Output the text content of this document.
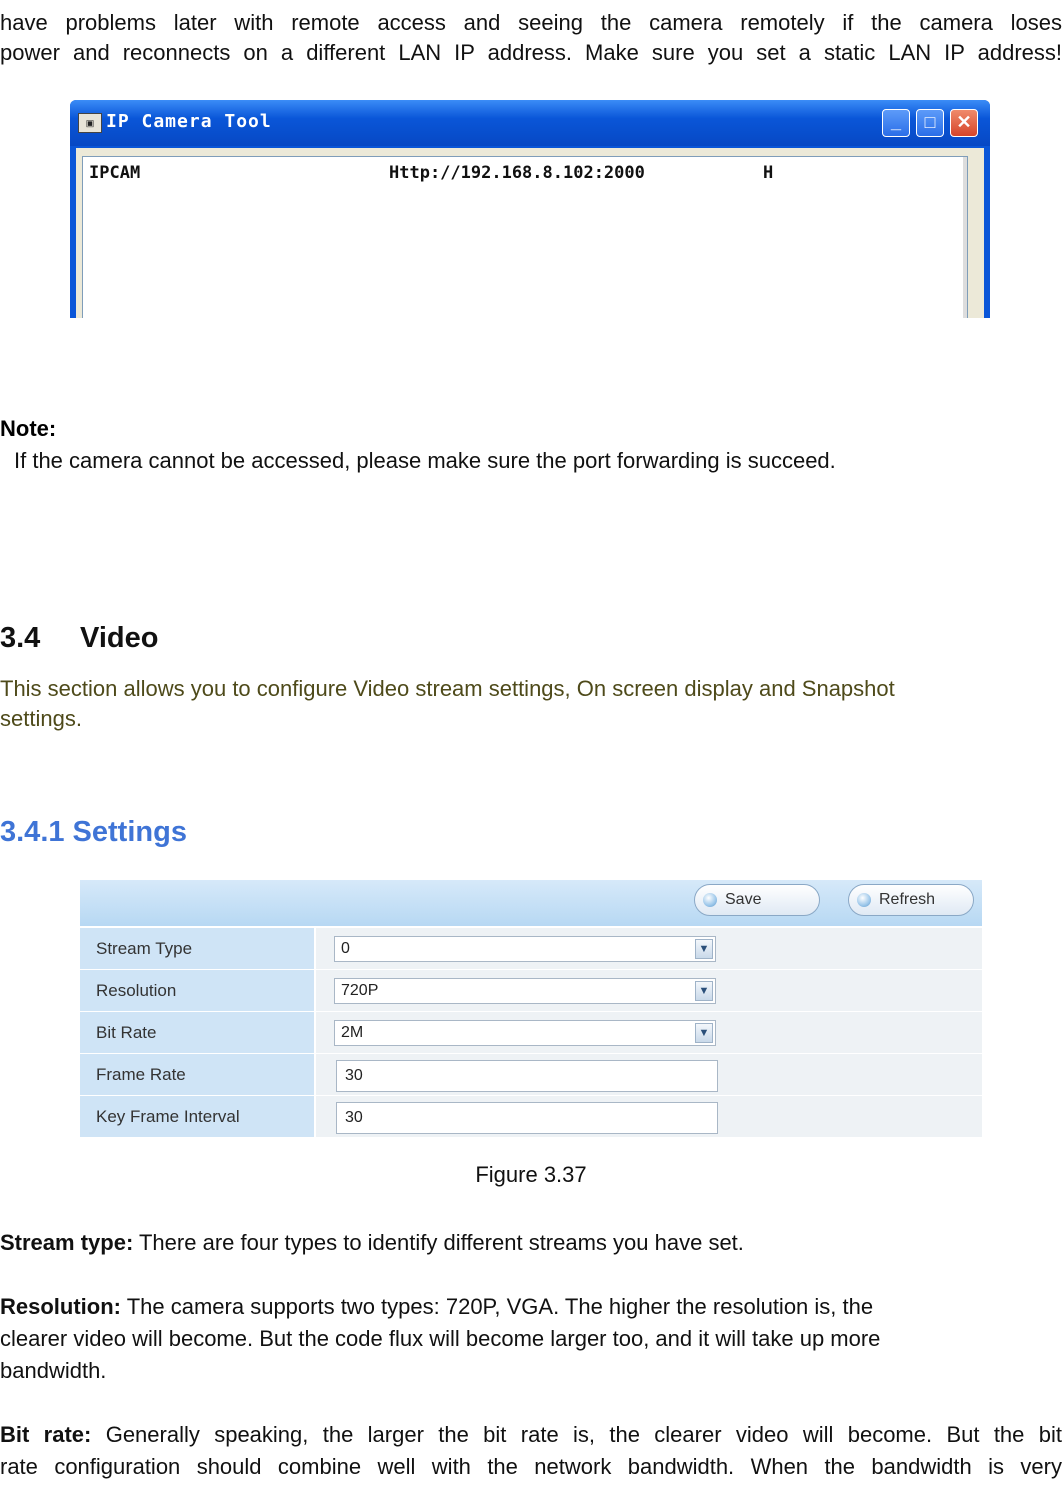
have problems later with remote access and seeing the camera remotely if the camera loses
power and reconnects on a different LAN IP address. Make sure you set a static LAN IP address!
▣ IP Camera Tool	_	□	✕
IPCAM	Http://192.168.8.102:2000	H
Note:
If the camera cannot be accessed, please make sure the port forwarding is succeed.
3.4 Video
This section allows you to configure Video stream settings, On screen display and Snapshot
settings.
3.4.1 Settings
Save	Refresh
Stream Type	0	▼
Resolution	720P	▼
Bit Rate	2M	▼
Frame Rate	30
Key Frame Interval	30
Figure 3.37
Stream type: There are four types to identify different streams you have set.
Resolution: The camera supports two types: 720P, VGA. The higher the resolution is, the
clearer video will become. But the code flux will become larger too, and it will take up more
bandwidth.
Bit rate: Generally speaking, the larger the bit rate is, the clearer video will become. But the bit
rate configuration should combine well with the network bandwidth. When the bandwidth is very
